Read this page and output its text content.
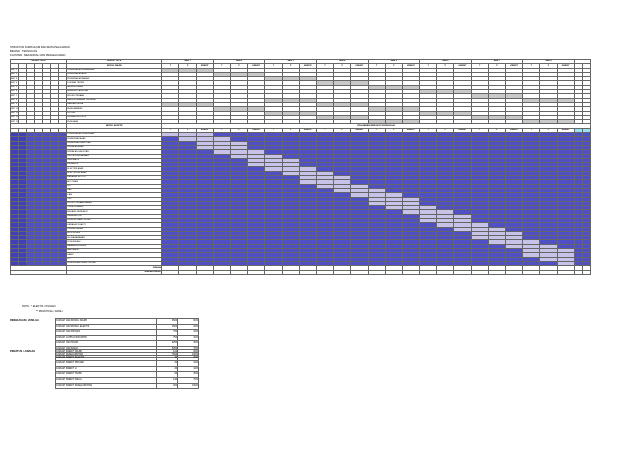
STRUKTUR KURIKULUM DAN MATA PELAJARAN
BIDANG : TEKNOLOGI
KLUSTER : MEKANIKAL DAN PENGELUARAN
MODUL / KOD							MODUL TITLE	SEM 1			SEM 2			SEM 3			SEM 4			SEM 5			SEM 6			SEM 7			SEM 8				
							MODUL WAJIB	T	P	KREDIT	T	P	KREDIT	T	P	KREDIT	T	P	KREDIT	T	P	KREDIT	T	P	KREDIT	T	P	KREDIT	T	P	KREDIT		
MKT 1							PENGENALAN KEMAHIRAN																										
MKT 2							PENGENALAN ALAT																										
MKT 3							PENGENALAN BAHAN																										
MKT 4							LUKISAN TEKNIK																										
MKT 5							BENGKEL ASAS																										
MKT 6							BENGKEL LANJUTAN																										
MKT 7							KEJURUTERAAN																										
MKT 8							MATA PELAJARAN TEKNIKAL																										
MKT 9							KAEDAH KERJA																										
MKT 10							KESELAMATAN																										
MKT 11							PROJEK																										
MKT 12							LATIHAN INDUSTRI																										
MKT 13							PENILAIAN																										
							MODUL ELEKTIF	PELAJARAN MENGIKUT KURIKULUM																									
								T	P	KREDIT	T	P	KREDIT	T	P	KREDIT	T	P	KREDIT	T	P	KREDIT	T	P	KREDIT	T	P	KREDIT	T	P	KREDIT		
							PENGENALAN PEMESINAN																										
							PEMESINAN ASAS																										
							PEMESINAN LANJUTAN																										
							KIMPALAN ASAS																										
							KIMPALAN LANJUTAN																										
							PENYELENGGARAAN																										
							PNEUMATIK																										
							HIDRAULIK																										
							ELEKTRIK ASAS																										
							ELEKTRONIK ASAS																										
							KAWALAN MOTOR																										
							AUTOMASI																										
							PLC																										
							CAD																										
							CAM																										
							CNC																										
							KEJURUTERAAN BAHAN																										
							TERMODINAMIK																										
							MEKANIK BENDALIR																										
							REKA BENTUK																										
							PENGURUSAN PROJEK																										
							KAWALAN KUALITI																										
							PENGELUARAN																										
							ERGONOMIK																										
							KEUSAHAWANAN																										
							KOMUNIKASI																										
							BAHASA INGGERIS																										
							MATEMATIK																										
							SAINS																										
							ICT																										
							PENDIDIKAN ISLAM / MORAL																										
							JUMLAH																										
							JUMLAH KREDIT																										
NOTA : * ELEKTIF / PILIHAN
** PRAKTIKAL / AMALI
RINGKASAN / JUMLAH	JUMLAH JAM MODUL WAJIB	4500	60%
JUMLAH JAM MODUL ELEKTIF	1500	20%
JUMLAH JAM PROJEK	750	10%
JUMLAH LATIHAN INDUSTRI	750	10%
JUMLAH JAM TEORI	2250	30%
JUMLAH JAM AMALI	5250	70%
JUMLAH KESELURUHAN	7500	100%
PERATUS / JUMLAH	JUMLAH KREDIT WAJIB	120	60%
JUMLAH KREDIT ELEKTIF	40	20%
JUMLAH KREDIT PROJEK	20	10%
JUMLAH KREDIT LI	20	10%
JUMLAH KREDIT TEORI	60	30%
JUMLAH KREDIT AMALI	140	70%
JUMLAH KREDIT KESELURUHAN	200	100%
